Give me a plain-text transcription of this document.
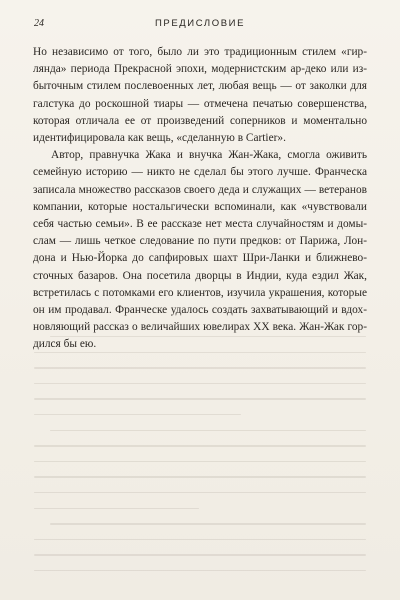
24	ПРЕДИСЛОВИЕ

Но независимо от того, было ли это традиционным стилем «гирлянда» периода Прекрасной эпохи, модернистским ар-деко или избыточным стилем послевоенных лет, любая вещь — от заколки для галстука до роскошной тиары — отмечена печатью совершенства, которая отличала ее от произведений соперников и моментально идентифицировала как вещь, «сделанную в Cartier».

Автор, правнучка Жака и внучка Жан-Жака, смогла оживить семейную историю — никто не сделал бы этого лучше. Франческа записала множество рассказов своего деда и служащих — ветеранов компании, которые ностальгически вспоминали, как «чувствовали себя частью семьи». В ее рассказе нет места случайностям и домыслам — лишь четкое следование по пути предков: от Парижа, Лондона и Нью-Йорка до сапфировых шахт Шри-Ланки и ближневосточных базаров. Она посетила дворцы в Индии, куда ездил Жак, встретилась с потомками его клиентов, изучила украшения, которые он им продавал. Франческе удалось создать захватывающий и вдохновляющий рассказ о величайших ювелирах XX века. Жан-Жак гордился бы ею.
